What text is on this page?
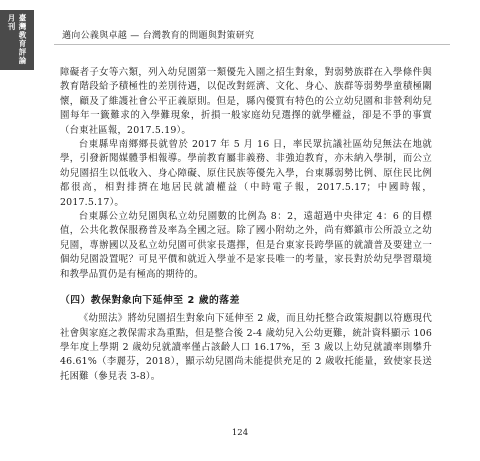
臺灣教育評論月刊
邁向公義與卓越 — 台灣教育的問題與對策研究

障礙者子女等六類，列入幼兒園第一類優先入園之招生對象，對弱勢族群在入學條件與教育階段給予積極性的差別待遇，以促改對經濟、文化、身心、族群等弱勢學童積極關懷，顧及了維護社會公平正義原則。但是，縣內優質有特色的公立幼兒園和非營利幼兒園每年一籤難求的入學難現象，折損一般家庭幼兒選擇的就學權益，卻是不爭的事實（台東社區報，2017.5.19）。

台東縣卑南鄉鄉長就曾於 2017 年 5 月 16 日，率民眾抗議社區幼兒無法在地就學，引發新聞媒體爭相報導。學前教育屬非義務、非強迫教育，亦未納入學制，而公立幼兒園招生以低收入、身心障礙、原住民族等優先入學，台東縣弱勢比例、原住民比例都很高，相對排擠在地居民就讀權益（中時電子報，2017.5.17；中國時報，2017.5.17）。

台東縣公立幼兒園與私立幼兒園數的比例為 8：2，遠超過中央律定 4：6 的目標值，公共化教保服務普及率為全國之冠。除了國小附幼之外，尚有鄉鎮市公所設立之幼兒園，專辦國以及私立幼兒園可供家長選擇，但是台東家長跨學區的就讀普及要建立一個幼兒園設置呢？可見平價和就近入學並不是家長唯一的考量，家長對於幼兒學習環境和教學品質仍是有極高的期待的。

（四）教保對象向下延伸至 2 歲的落差

《幼照法》將幼兒園招生對象向下延伸至 2 歲，而且幼托整合政策規劃以符應現代社會與家庭之教保需求為重點，但是整合後 2-4 歲幼兒入公幼更難，統計資料顯示 106 學年度上學期 2 歲幼兒就讀率僅占該齡人口 16.17%，至 3 歲以上幼兒就讀率則攀升 46.61%（李麗芬，2018），顯示幼兒園尚未能提供充足的 2 歲收托能量，致使家長送托困難（參見表 3-8）。

124
